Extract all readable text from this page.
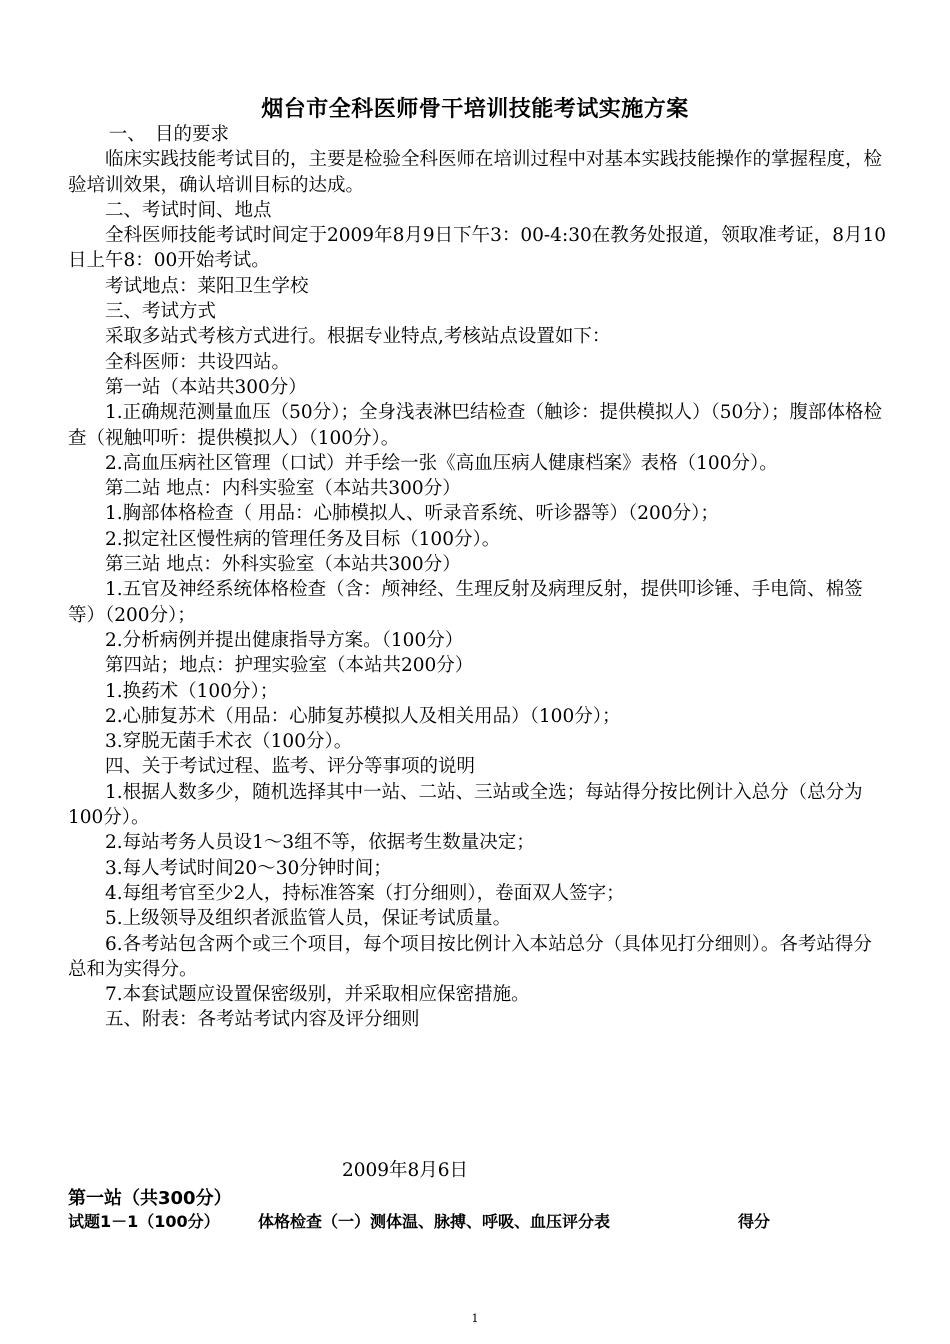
烟台市全科医师骨干培训技能考试实施方案

一、　目的要求

临床实践技能考试目的，主要是检验全科医师在培训过程中对基本实践技能操作的掌握程度，检验培训效果，确认培训目标的达成。

二、考试时间、地点

全科医师技能考试时间定于2009年8月9日下午3：00-4:30在教务处报道，领取准考证，8月10日上午8：00开始考试。

考试地点：莱阳卫生学校

三、考试方式

采取多站式考核方式进行。根据专业特点,考核站点设置如下：

全科医师：共设四站。

第一站（本站共300分）

1.正确规范测量血压（50分）；全身浅表淋巴结检查（触诊：提供模拟人）（50分）；腹部体格检查（视触叩听：提供模拟人）（100分）。

2.高血压病社区管理（口试）并手绘一张《高血压病人健康档案》表格（100分）。

第二站 地点：内科实验室（本站共300分）

1.胸部体格检查（ 用品：心肺模拟人、听录音系统、听诊器等）（200分）；

2.拟定社区慢性病的管理任务及目标（100分）。

第三站 地点：外科实验室（本站共300分）

1.五官及神经系统体格检查（含：颅神经、生理反射及病理反射，提供叩诊锤、手电筒、棉签等）（200分）；

2.分析病例并提出健康指导方案。（100分）

第四站；地点：护理实验室（本站共200分）

1.换药术（100分）；

2.心肺复苏术（用品：心肺复苏模拟人及相关用品）（100分）；

3.穿脱无菌手术衣（100分）。

四、关于考试过程、监考、评分等事项的说明

1.根据人数多少，随机选择其中一站、二站、三站或全选；每站得分按比例计入总分（总分为100分）。

2.每站考务人员设1～3组不等，依据考生数量决定；

3.每人考试时间20～30分钟时间；

4.每组考官至少2人，持标准答案（打分细则），卷面双人签字；

5.上级领导及组织者派监管人员，保证考试质量。

6.各考站包含两个或三个项目，每个项目按比例计入本站总分（具体见打分细则）。各考站得分总和为实得分。

7.本套试题应设置保密级别，并采取相应保密措施。

五、附表：各考站考试内容及评分细则

2009年8月6日
第一站（共300分）
试题1－1（100分） 体格检查（一）测体温、脉搏、呼吸、血压评分表	得分
1
